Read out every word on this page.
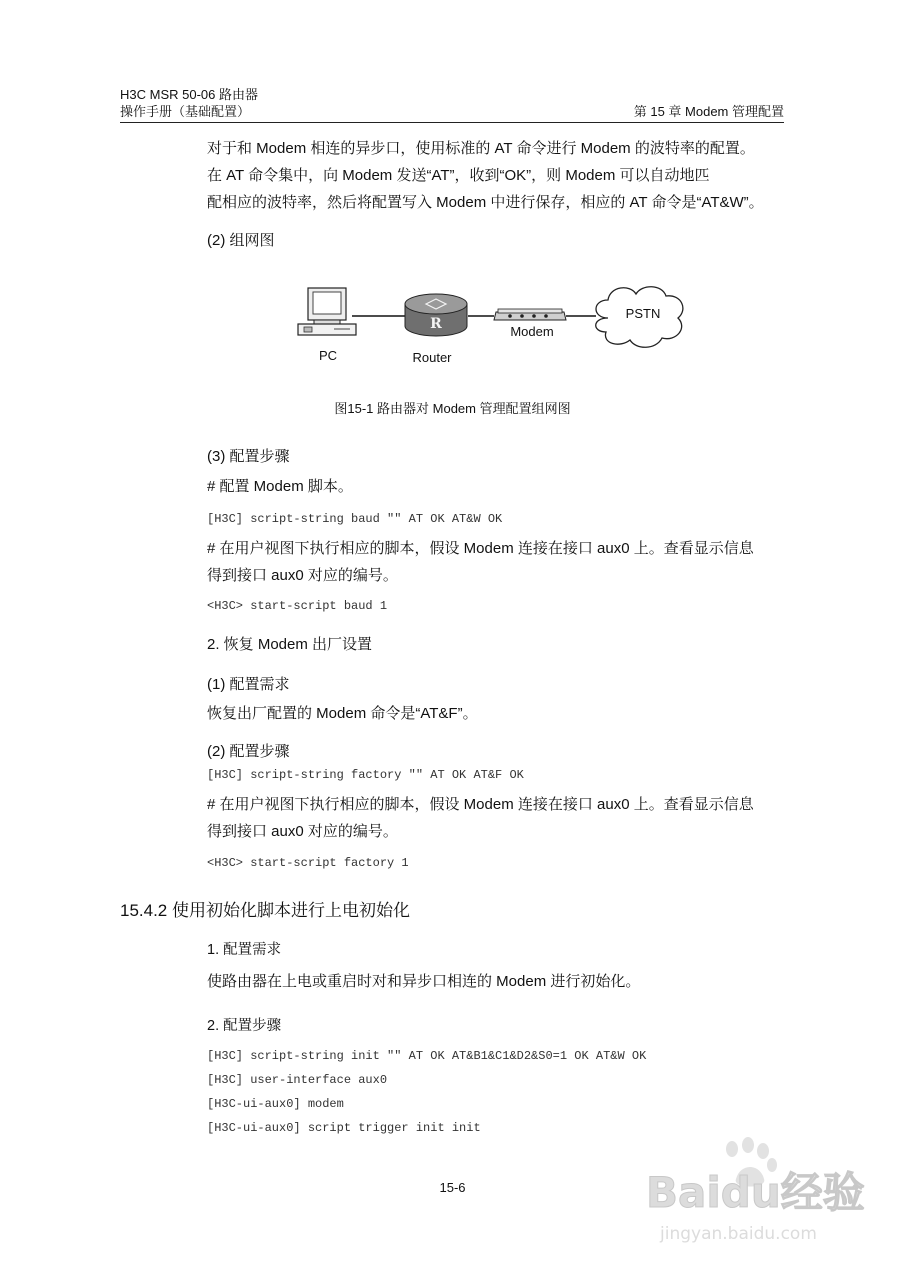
H3C MSR 50-06 路由器
操作手册（基础配置）	第 15 章 Modem 管理配置
对于和 Modem 相连的异步口，使用标准的 AT 命令进行 Modem 的波特率的配置。
在 AT 命令集中，向 Modem 发送“AT”，收到“OK”，则 Modem 可以自动地匹
配相应的波特率，然后将配置写入 Modem 中进行保存，相应的 AT 命令是“AT&W”。
(2) 组网图
R
PC	Router
Modem
PSTN
图15-1 路由器对 Modem 管理配置组网图
(3) 配置步骤
# 配置 Modem 脚本。
[H3C] script-string baud "" AT OK AT&W OK
# 在用户视图下执行相应的脚本，假设 Modem 连接在接口 aux0 上。查看显示信息
得到接口 aux0 对应的编号。
<H3C> start-script baud 1
2. 恢复 Modem 出厂设置
(1) 配置需求
恢复出厂配置的 Modem 命令是“AT&F”。
(2) 配置步骤
[H3C] script-string factory "" AT OK AT&F OK
# 在用户视图下执行相应的脚本，假设 Modem 连接在接口 aux0 上。查看显示信息
得到接口 aux0 对应的编号。
<H3C> start-script factory 1
15.4.2 使用初始化脚本进行上电初始化
1. 配置需求
使路由器在上电或重启时对和异步口相连的 Modem 进行初始化。
2. 配置步骤
[H3C] script-string init "" AT OK AT&B1&C1&D2&S0=1 OK AT&W OK
[H3C] user-interface aux0
[H3C-ui-aux0] modem
[H3C-ui-aux0] script trigger init init
15-6	Baidu经验
jingyan.baidu.com
